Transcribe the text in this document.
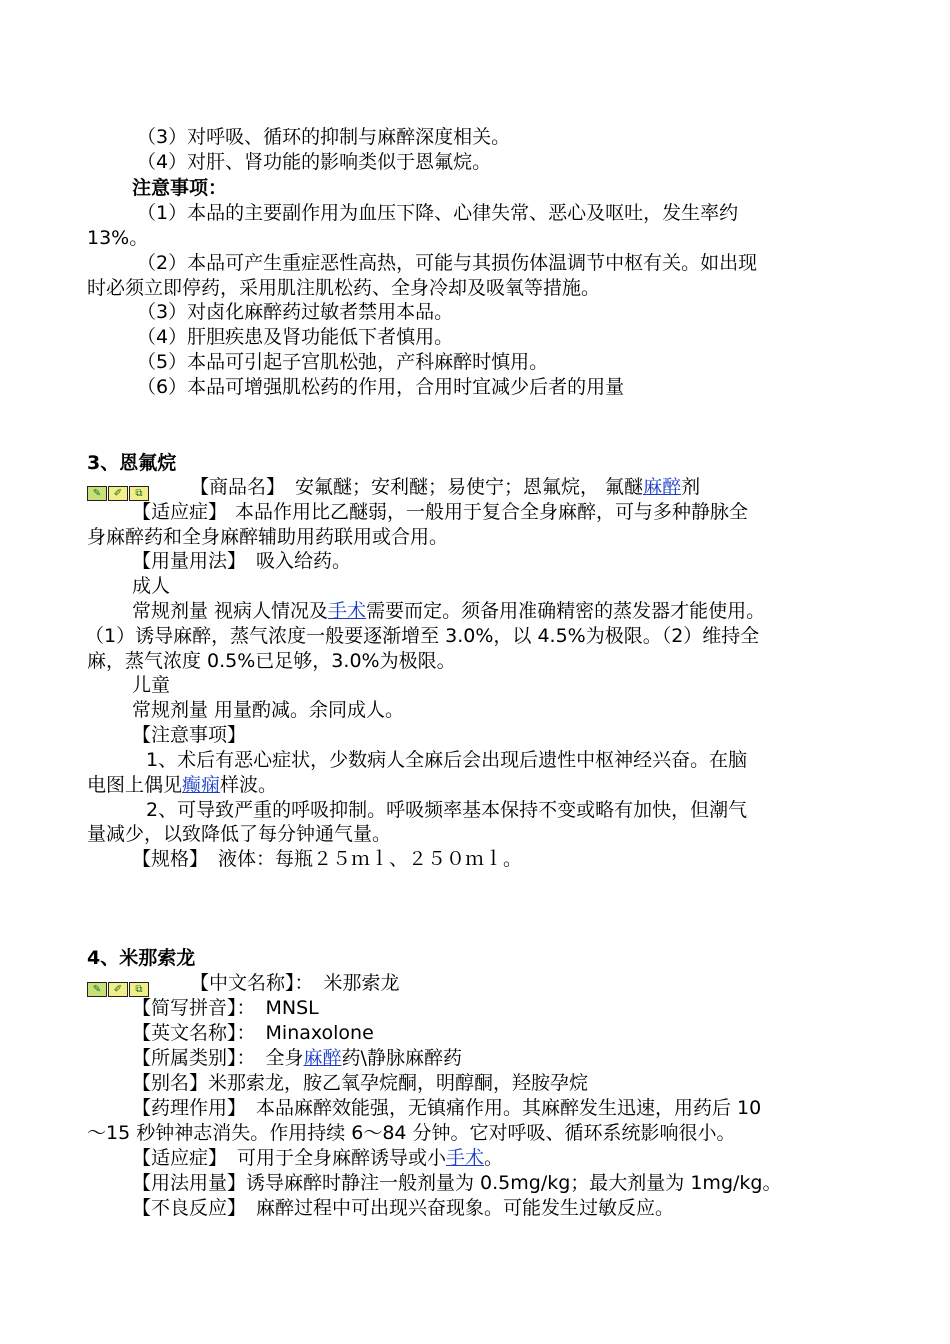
（3）对呼吸、循环的抑制与麻醉深度相关。
（4）对肝、肾功能的影响类似于恩氟烷。
注意事项：
（1）本品的主要副作用为血压下降、心律失常、恶心及呕吐，发生率约
13%。
（2）本品可产生重症恶性高热，可能与其损伤体温调节中枢有关。如出现
时必须立即停药，采用肌注肌松药、全身冷却及吸氧等措施。
（3）对卤化麻醉药过敏者禁用本品。
（4）肝胆疾患及肾功能低下者慎用。
（5）本品可引起子宫肌松弛，产科麻醉时慎用。
（6）本品可增强肌松药的作用，合用时宜减少后者的用量
3、恩氟烷
✎ ✐ ⧉ 【商品名】 安氟醚；安利醚；易使宁；恩氟烷， 氟醚麻醉剂
【适应症】 本品作用比乙醚弱，一般用于复合全身麻醉，可与多种静脉全
身麻醉药和全身麻醉辅助用药联用或合用。
【用量用法】 吸入给药。
成人
常规剂量 视病人情况及手术需要而定。须备用准确精密的蒸发器才能使用。
（1）诱导麻醉，蒸气浓度一般要逐渐增至 3.0%，以 4.5%为极限。（2）维持全
麻，蒸气浓度 0.5%已足够，3.0%为极限。
儿童
常规剂量 用量酌减。余同成人。
【注意事项】
1、术后有恶心症状，少数病人全麻后会出现后遗性中枢神经兴奋。在脑
电图上偶见癫痫样波。
2、可导致严重的呼吸抑制。呼吸频率基本保持不变或略有加快，但潮气
量减少，以致降低了每分钟通气量。
【规格】 液体：每瓶２５ｍｌ、２５０ｍｌ。
4、米那索龙
✎ ✐ ⧉ 【中文名称】： 米那索龙
【简写拼音】： MNSL
【英文名称】： Minaxolone
【所属类别】： 全身麻醉药\静脉麻醉药
【别名】米那索龙，胺乙氧孕烷酮，明醇酮，羟胺孕烷
【药理作用】 本品麻醉效能强，无镇痛作用。其麻醉发生迅速，用药后 10
～15 秒钟神志消失。作用持续 6～84 分钟。它对呼吸、循环系统影响很小。
【适应症】 可用于全身麻醉诱导或小手术。
【用法用量】诱导麻醉时静注一般剂量为 0.5mg/kg；最大剂量为 1mg/kg。
【不良反应】 麻醉过程中可出现兴奋现象。可能发生过敏反应。
